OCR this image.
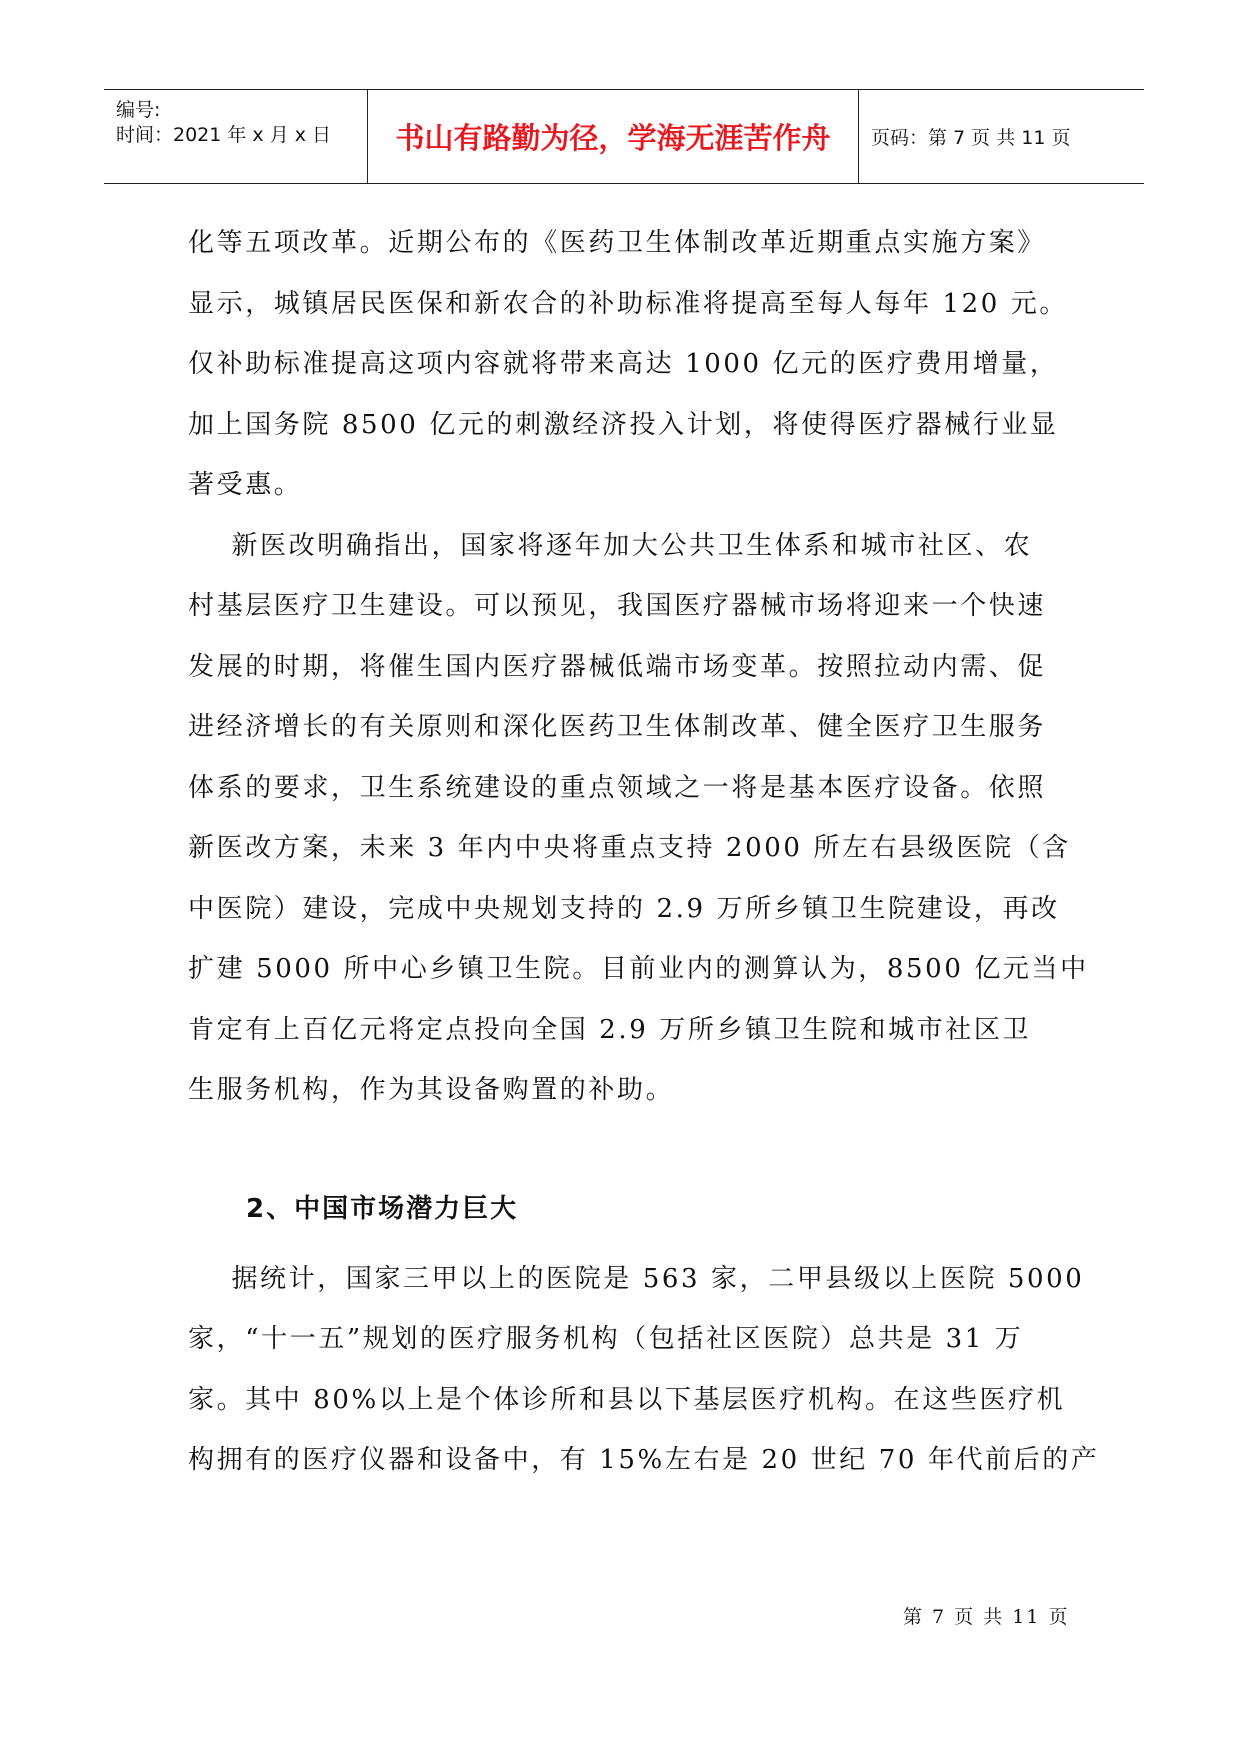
编号:
时间：2021 年 x 月 x 日	书山有路勤为径，学海无涯苦作舟	页码：第 7 页 共 11 页
化等五项改革。近期公布的《医药卫生体制改革近期重点实施方案》
显示，城镇居民医保和新农合的补助标准将提高至每人每年 120 元。
仅补助标准提高这项内容就将带来高达 1000 亿元的医疗费用增量，
加上国务院 8500 亿元的刺激经济投入计划，将使得医疗器械行业显
著受惠。
新医改明确指出，国家将逐年加大公共卫生体系和城市社区、农
村基层医疗卫生建设。可以预见，我国医疗器械市场将迎来一个快速
发展的时期，将催生国内医疗器械低端市场变革。按照拉动内需、促
进经济增长的有关原则和深化医药卫生体制改革、健全医疗卫生服务
体系的要求，卫生系统建设的重点领域之一将是基本医疗设备。依照
新医改方案，未来 3 年内中央将重点支持 2000 所左右县级医院（含
中医院）建设，完成中央规划支持的 2.9 万所乡镇卫生院建设，再改
扩建 5000 所中心乡镇卫生院。目前业内的测算认为，8500 亿元当中
肯定有上百亿元将定点投向全国 2.9 万所乡镇卫生院和城市社区卫
生服务机构，作为其设备购置的补助。
2、中国市场潜力巨大
据统计，国家三甲以上的医院是 563 家，二甲县级以上医院 5000
家，“十一五”规划的医疗服务机构（包括社区医院）总共是 31 万
家。其中 80%以上是个体诊所和县以下基层医疗机构。在这些医疗机
构拥有的医疗仪器和设备中，有 15%左右是 20 世纪 70 年代前后的产
第 7 页 共 11 页
